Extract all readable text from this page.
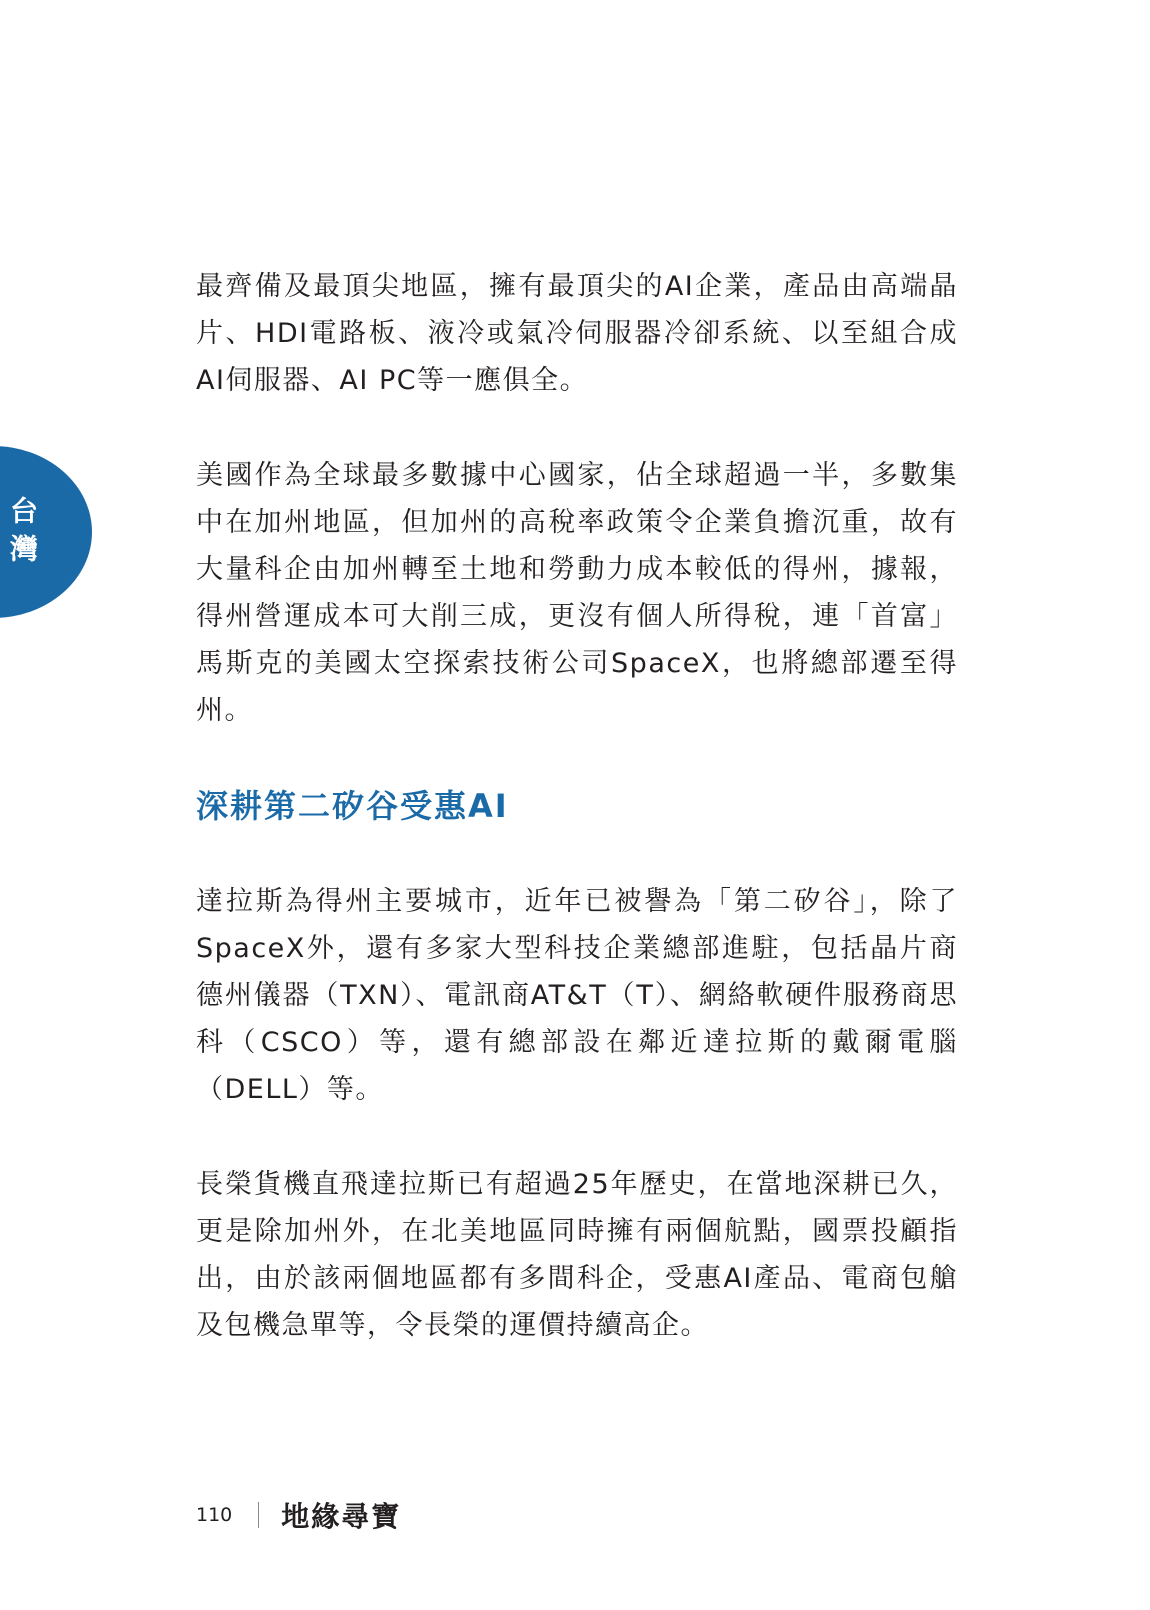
台灣

最齊備及最頂尖地區，擁有最頂尖的AI企業，產品由高端晶片、HDI電路板、液冷或氣冷伺服器冷卻系統、以至組合成AI伺服器、AI PC等一應俱全。

美國作為全球最多數據中心國家，佔全球超過一半，多數集中在加州地區，但加州的高稅率政策令企業負擔沉重，故有大量科企由加州轉至土地和勞動力成本較低的得州，據報，得州營運成本可大削三成，更沒有個人所得稅，連「首富」馬斯克的美國太空探索技術公司SpaceX，也將總部遷至得州。

深耕第二矽谷受惠AI

達拉斯為得州主要城市，近年已被譽為「第二矽谷」，除了SpaceX外，還有多家大型科技企業總部進駐，包括晶片商德州儀器（TXN）、電訊商AT&T（T）、網絡軟硬件服務商思科（CSCO）等，還有總部設在鄰近達拉斯的戴爾電腦（DELL）等。

長榮貨機直飛達拉斯已有超過25年歷史，在當地深耕已久，更是除加州外，在北美地區同時擁有兩個航點，國票投顧指出，由於該兩個地區都有多間科企，受惠AI產品、電商包艙及包機急單等，令長榮的運價持續高企。

110 地緣尋寶
